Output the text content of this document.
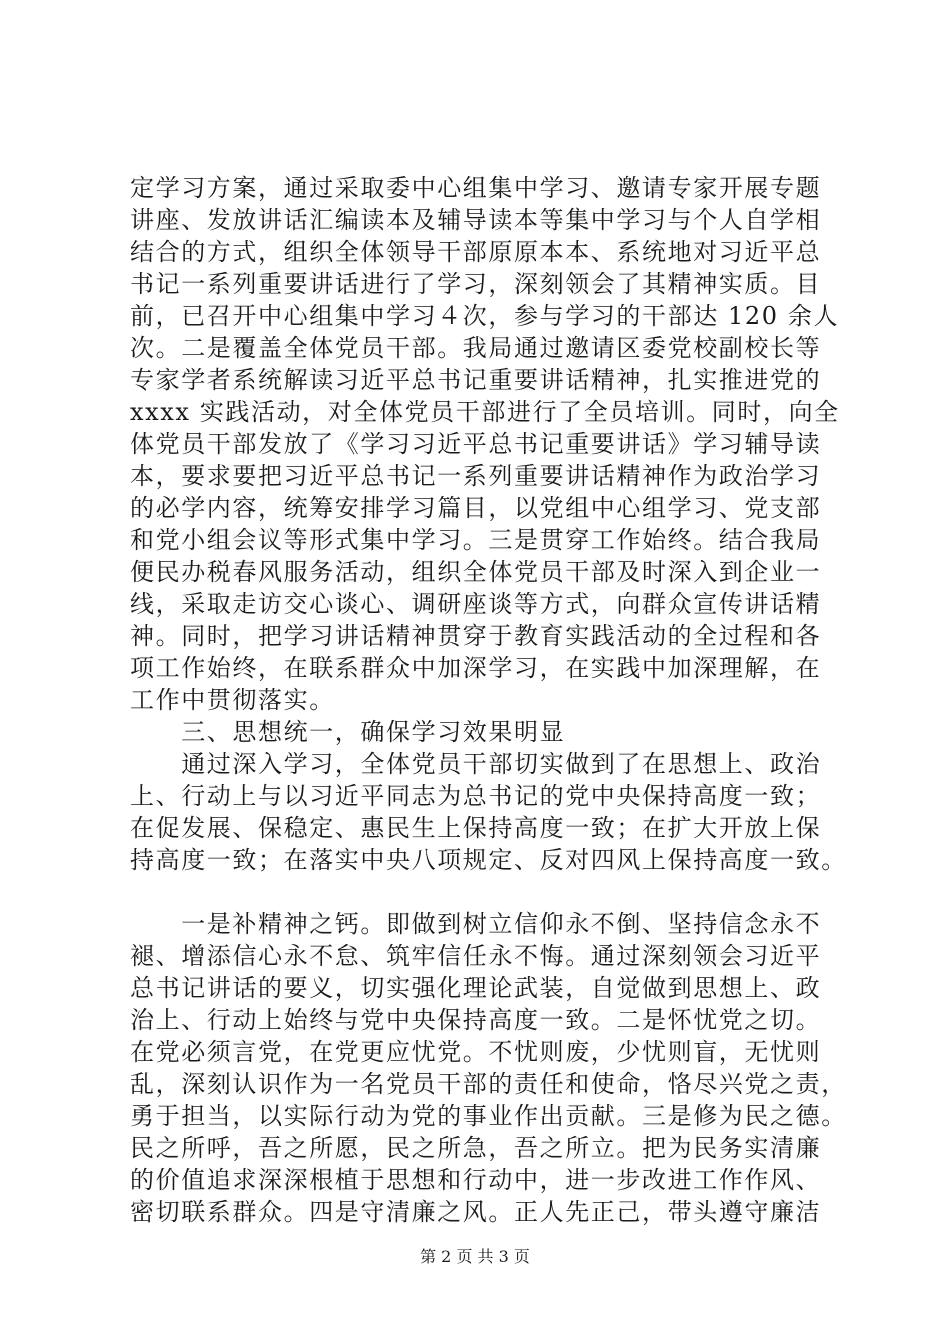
定学习方案，通过采取委中心组集中学习、邀请专家开展专题
讲座、发放讲话汇编读本及辅导读本等集中学习与个人自学相
结合的方式，组织全体领导干部原原本本、系统地对习近平总
书记一系列重要讲话进行了学习，深刻领会了其精神实质。目
前，已召开中心组集中学习４次，参与学习的干部达 120 余人
次。二是覆盖全体党员干部。我局通过邀请区委党校副校长等
专家学者系统解读习近平总书记重要讲话精神，扎实推进党的
xxxx 实践活动，对全体党员干部进行了全员培训。同时，向全
体党员干部发放了《学习习近平总书记重要讲话》学习辅导读
本，要求要把习近平总书记一系列重要讲话精神作为政治学习
的必学内容，统筹安排学习篇目，以党组中心组学习、党支部
和党小组会议等形式集中学习。三是贯穿工作始终。结合我局
便民办税春风服务活动，组织全体党员干部及时深入到企业一
线，采取走访交心谈心、调研座谈等方式，向群众宣传讲话精
神。同时，把学习讲话精神贯穿于教育实践活动的全过程和各
项工作始终，在联系群众中加深学习，在实践中加深理解，在
工作中贯彻落实。
　　三、思想统一，确保学习效果明显
　　通过深入学习，全体党员干部切实做到了在思想上、政治
上、行动上与以习近平同志为总书记的党中央保持高度一致；
在促发展、保稳定、惠民生上保持高度一致；在扩大开放上保
持高度一致；在落实中央八项规定、反对四风上保持高度一致。
　　一是补精神之钙。即做到树立信仰永不倒、坚持信念永不
褪、增添信心永不怠、筑牢信任永不悔。通过深刻领会习近平
总书记讲话的要义，切实强化理论武装，自觉做到思想上、政
治上、行动上始终与党中央保持高度一致。二是怀忧党之切。
在党必须言党，在党更应忧党。不忧则废，少忧则盲，无忧则
乱，深刻认识作为一名党员干部的责任和使命，恪尽兴党之责，
勇于担当，以实际行动为党的事业作出贡献。三是修为民之德。
民之所呼，吾之所愿，民之所急，吾之所立。把为民务实清廉
的价值追求深深根植于思想和行动中，进一步改进工作作风、
密切联系群众。四是守清廉之风。正人先正己，带头遵守廉洁
第 2 页 共 3 页
